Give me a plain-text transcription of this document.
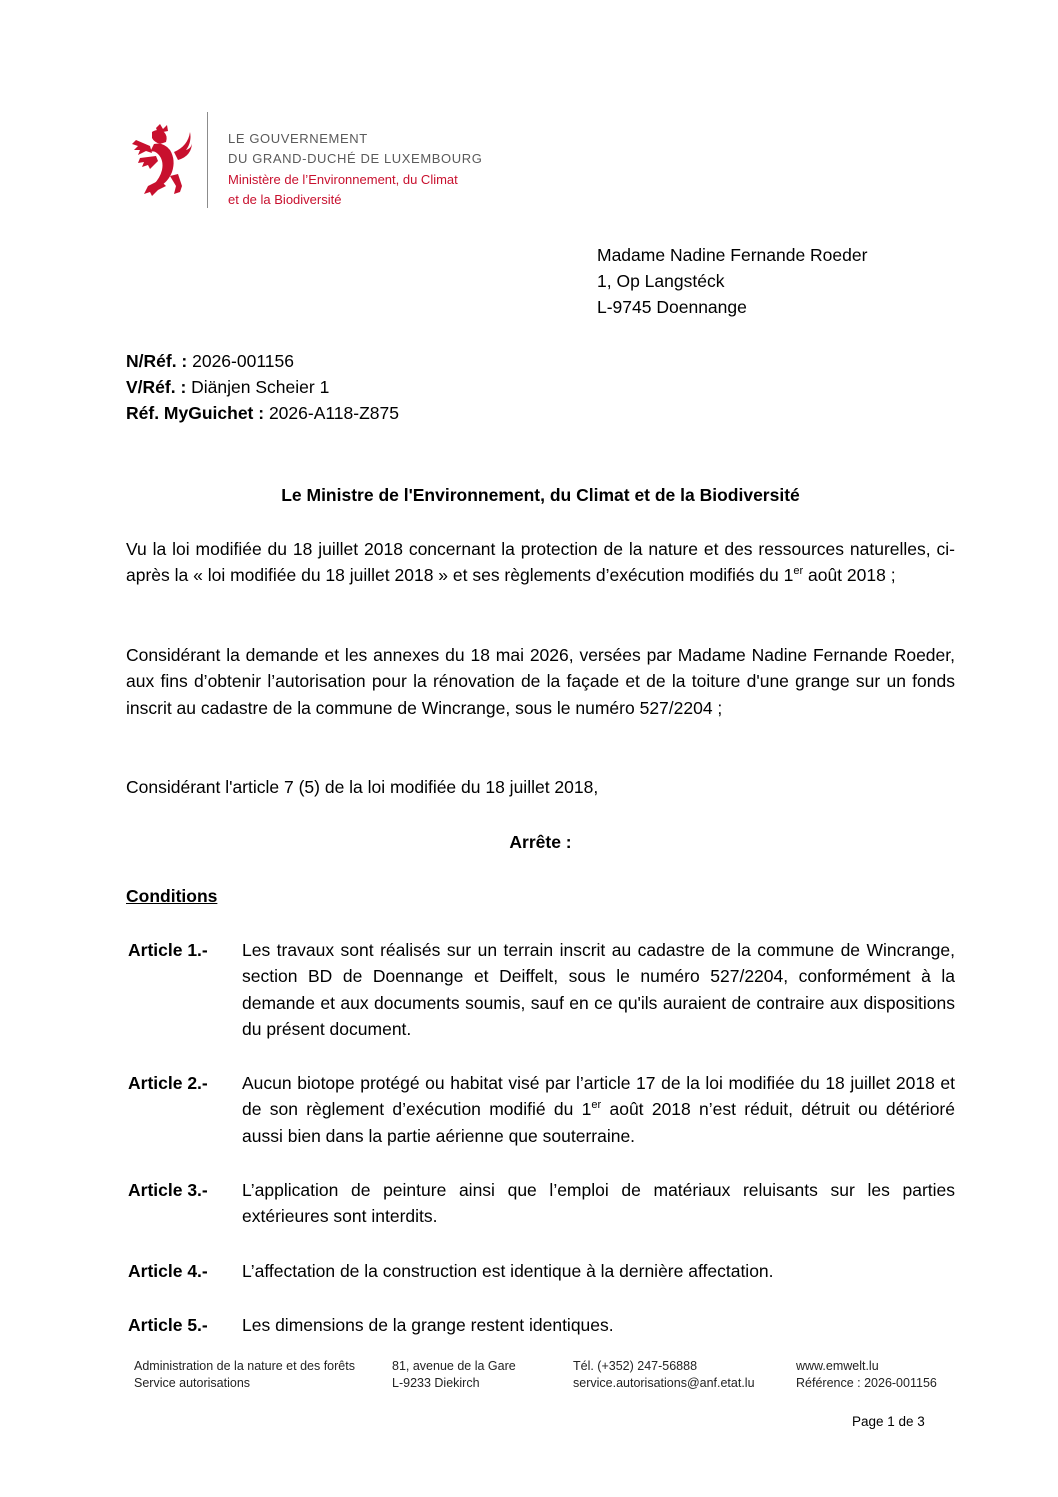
LE GOUVERNEMENT
DU GRAND-DUCHÉ DE LUXEMBOURG
Ministère de l’Environnement, du Climat
et de la Biodiversité
Madame Nadine Fernande Roeder
1, Op Langstéck
L-9745 Doennange
N/Réf. : 2026-001156
V/Réf. : Diänjen Scheier 1
Réf. MyGuichet : 2026-A118-Z875
Le Ministre de l'Environnement, du Climat et de la Biodiversité
Vu la loi modifiée du 18 juillet 2018 concernant la protection de la nature et des ressources naturelles, ci-après la « loi modifiée du 18 juillet 2018 » et ses règlements d’exécution modifiés du 1er août 2018 ;
Considérant la demande et les annexes du 18 mai 2026, versées par Madame Nadine Fernande Roeder, aux fins d’obtenir l’autorisation pour la rénovation de la façade et de la toiture d'une grange sur un fonds inscrit au cadastre de la commune de Wincrange, sous le numéro 527/2204 ;
Considérant l'article 7 (5) de la loi modifiée du 18 juillet 2018,
Arrête :
Conditions
Article 1.- Les travaux sont réalisés sur un terrain inscrit au cadastre de la commune de Wincrange, section BD de Doennange et Deiffelt, sous le numéro 527/2204, conformément à la demande et aux documents soumis, sauf en ce qu'ils auraient de contraire aux dispositions du présent document.
Article 2.- Aucun biotope protégé ou habitat visé par l’article 17 de la loi modifiée du 18 juillet 2018 et de son règlement d’exécution modifié du 1er août 2018 n’est réduit, détruit ou détérioré aussi bien dans la partie aérienne que souterraine.
Article 3.- L’application de peinture ainsi que l’emploi de matériaux reluisants sur les parties extérieures sont interdits.
Article 4.- L’affectation de la construction est identique à la dernière affectation.
Article 5.- Les dimensions de la grange restent identiques.
Administration de la nature et des forêts
Service autorisations
81, avenue de la Gare
L-9233 Diekirch
Tél. (+352) 247-56888
service.autorisations@anf.etat.lu
www.emwelt.lu
Référence : 2026-001156
Page 1 de 3
